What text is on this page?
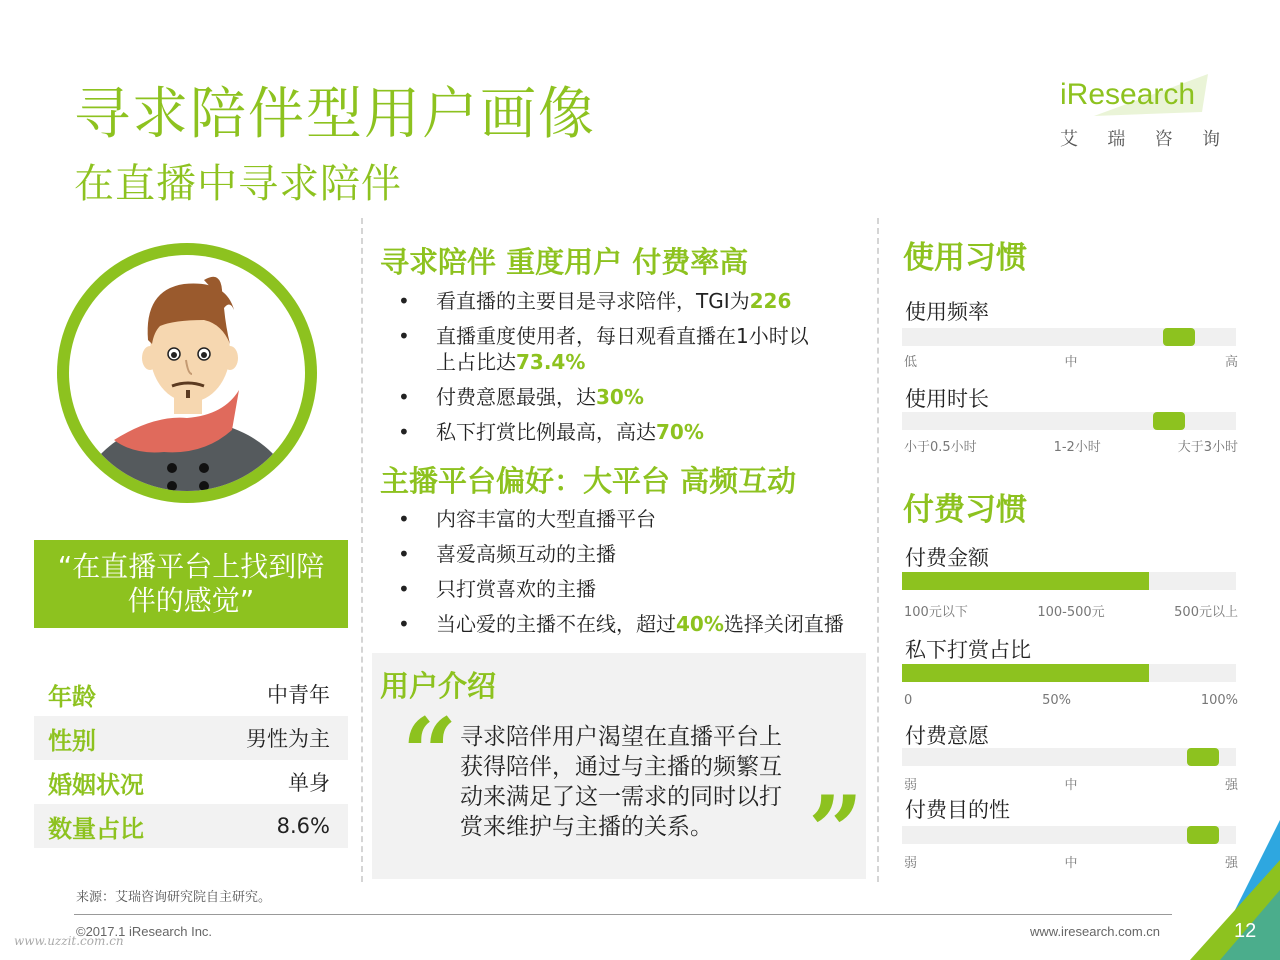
寻求陪伴型用户画像
在直播中寻求陪伴
iResearch
艾 瑞 咨 询
“在直播平台上找到陪伴的感觉”
年龄	中青年
性别	男性为主
婚姻状况	单身
数量占比	8.6%
寻求陪伴 重度用户 付费率高
• 看直播的主要目是寻求陪伴，TGI为226
• 直播重度使用者，每日观看直播在1小时以
上占比达73.4%
• 付费意愿最强，达30%
• 私下打赏比例最高，高达70%
主播平台偏好：大平台 高频互动
• 内容丰富的大型直播平台
• 喜爱高频互动的主播
• 只打赏喜欢的主播
• 当心爱的主播不在线，超过40%选择关闭直播
用户介绍
“ 寻求陪伴用户渴望在直播平台上获得陪伴，通过与主播的频繁互动来满足了这一需求的同时以打赏来维护与主播的关系。 ”
使用习惯
使用频率
低	中	高
使用时长
小于0.5小时	1-2小时	大于3小时
付费习惯
付费金额
100元以下	100-500元	500元以上
私下打赏占比
0	50%	100%
付费意愿
弱	中	强
付费目的性
弱	中	强
来源：艾瑞咨询研究院自主研究。
©2017.1 iResearch Inc.	www.iresearch.com.cn
www.uzzit.com.cn	12
